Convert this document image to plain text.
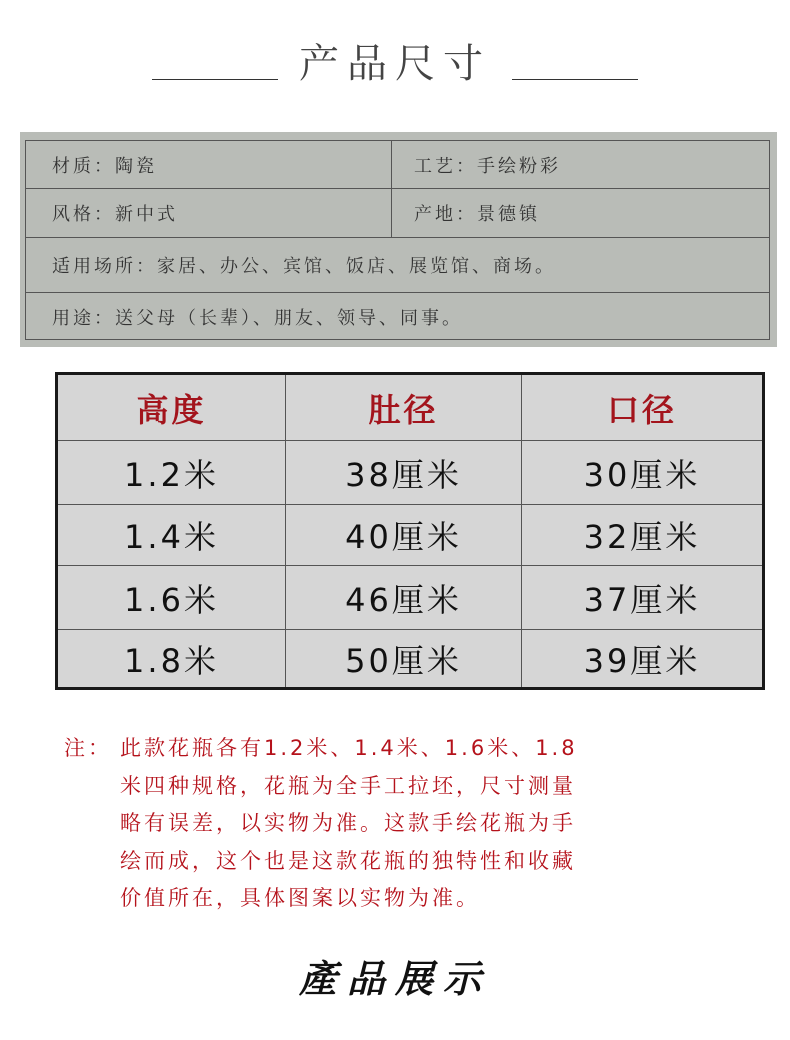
产品尺寸
材质：陶瓷	工艺：手绘粉彩
风格：新中式	产地：景德镇
适用场所：家居、办公、宾馆、饭店、展览馆、商场。
用途：送父母（长辈）、朋友、领导、同事。
高度	肚径	口径
1.2米	38厘米	30厘米
1.4米	40厘米	32厘米
1.6米	46厘米	37厘米
1.8米	50厘米	39厘米
注： 此款花瓶各有1.2米、1.4米、1.6米、1.8
米四种规格，花瓶为全手工拉坯，尺寸测量
略有误差，以实物为准。这款手绘花瓶为手
绘而成，这个也是这款花瓶的独特性和收藏
价值所在，具体图案以实物为准。
產品展示
